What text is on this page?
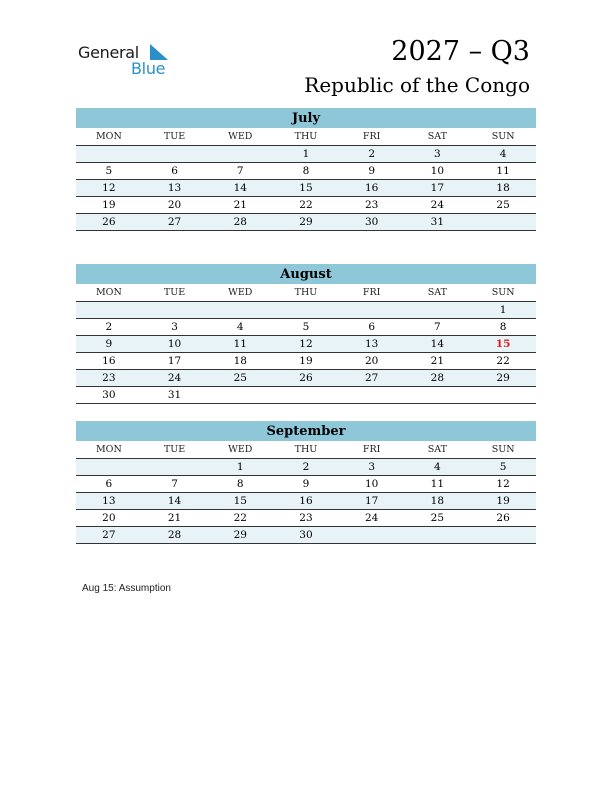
General
Blue
2027 – Q3
Republic of the Congo
July
MON	TUE	WED	THU	FRI	SAT	SUN
			1	2	3	4
5	6	7	8	9	10	11
12	13	14	15	16	17	18
19	20	21	22	23	24	25
26	27	28	29	30	31	
August
MON	TUE	WED	THU	FRI	SAT	SUN
						1
2	3	4	5	6	7	8
9	10	11	12	13	14	15
16	17	18	19	20	21	22
23	24	25	26	27	28	29
30	31					
September
MON	TUE	WED	THU	FRI	SAT	SUN
		1	2	3	4	5
6	7	8	9	10	11	12
13	14	15	16	17	18	19
20	21	22	23	24	25	26
27	28	29	30			
Aug 15: Assumption
